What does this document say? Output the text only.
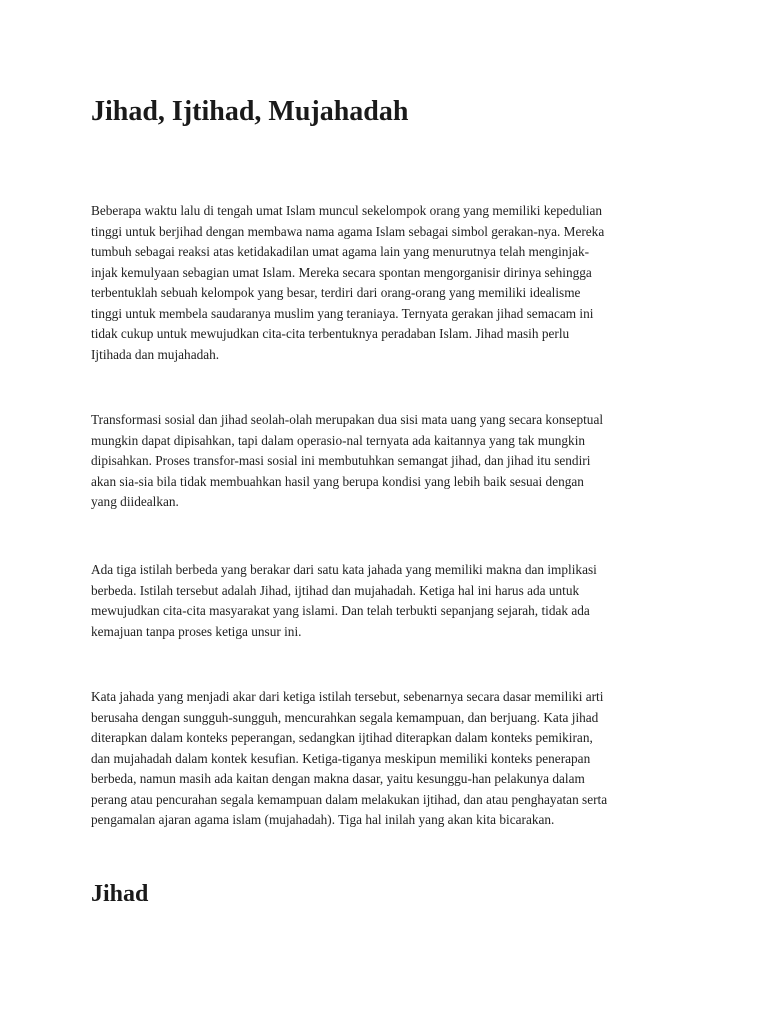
Jihad, Ijtihad, Mujahadah

Beberapa waktu lalu di tengah umat Islam muncul sekelompok orang yang memiliki kepedulian
tinggi untuk berjihad dengan membawa nama agama Islam sebagai simbol gerakan-nya. Mereka
tumbuh sebagai reaksi atas ketidakadilan umat agama lain yang menurutnya telah menginjak-
injak kemulyaan sebagian umat Islam. Mereka secara spontan mengorganisir dirinya sehingga
terbentuklah sebuah kelompok yang besar, terdiri dari orang-orang yang memiliki idealisme
tinggi untuk membela saudaranya muslim yang teraniaya. Ternyata gerakan jihad semacam ini
tidak cukup untuk mewujudkan cita-cita terbentuknya peradaban Islam. Jihad masih perlu
Ijtihada dan mujahadah.

Transformasi sosial dan jihad seolah-olah merupakan dua sisi mata uang yang secara konseptual
mungkin dapat dipisahkan, tapi dalam operasio-nal ternyata ada kaitannya yang tak mungkin
dipisahkan. Proses transfor-masi sosial ini membutuhkan semangat jihad, dan jihad itu sendiri
akan sia-sia bila tidak membuahkan hasil yang berupa kondisi yang lebih baik sesuai dengan
yang diidealkan.

Ada tiga istilah berbeda yang berakar dari satu kata jahada yang memiliki makna dan implikasi
berbeda. Istilah tersebut adalah Jihad, ijtihad dan mujahadah. Ketiga hal ini harus ada untuk
mewujudkan cita-cita masyarakat yang islami. Dan telah terbukti sepanjang sejarah, tidak ada
kemajuan tanpa proses ketiga unsur ini.

Kata jahada yang menjadi akar dari ketiga istilah tersebut, sebenarnya secara dasar memiliki arti
berusaha dengan sungguh-sungguh, mencurahkan segala kemampuan, dan berjuang. Kata jihad
diterapkan dalam konteks peperangan, sedangkan ijtihad diterapkan dalam konteks pemikiran,
dan mujahadah dalam kontek kesufian. Ketiga-tiganya meskipun memiliki konteks penerapan
berbeda, namun masih ada kaitan dengan makna dasar, yaitu kesunggu-han pelakunya dalam
perang atau pencurahan segala kemampuan dalam melakukan ijtihad, dan atau penghayatan serta
pengamalan ajaran agama islam (mujahadah). Tiga hal inilah yang akan kita bicarakan.

Jihad
